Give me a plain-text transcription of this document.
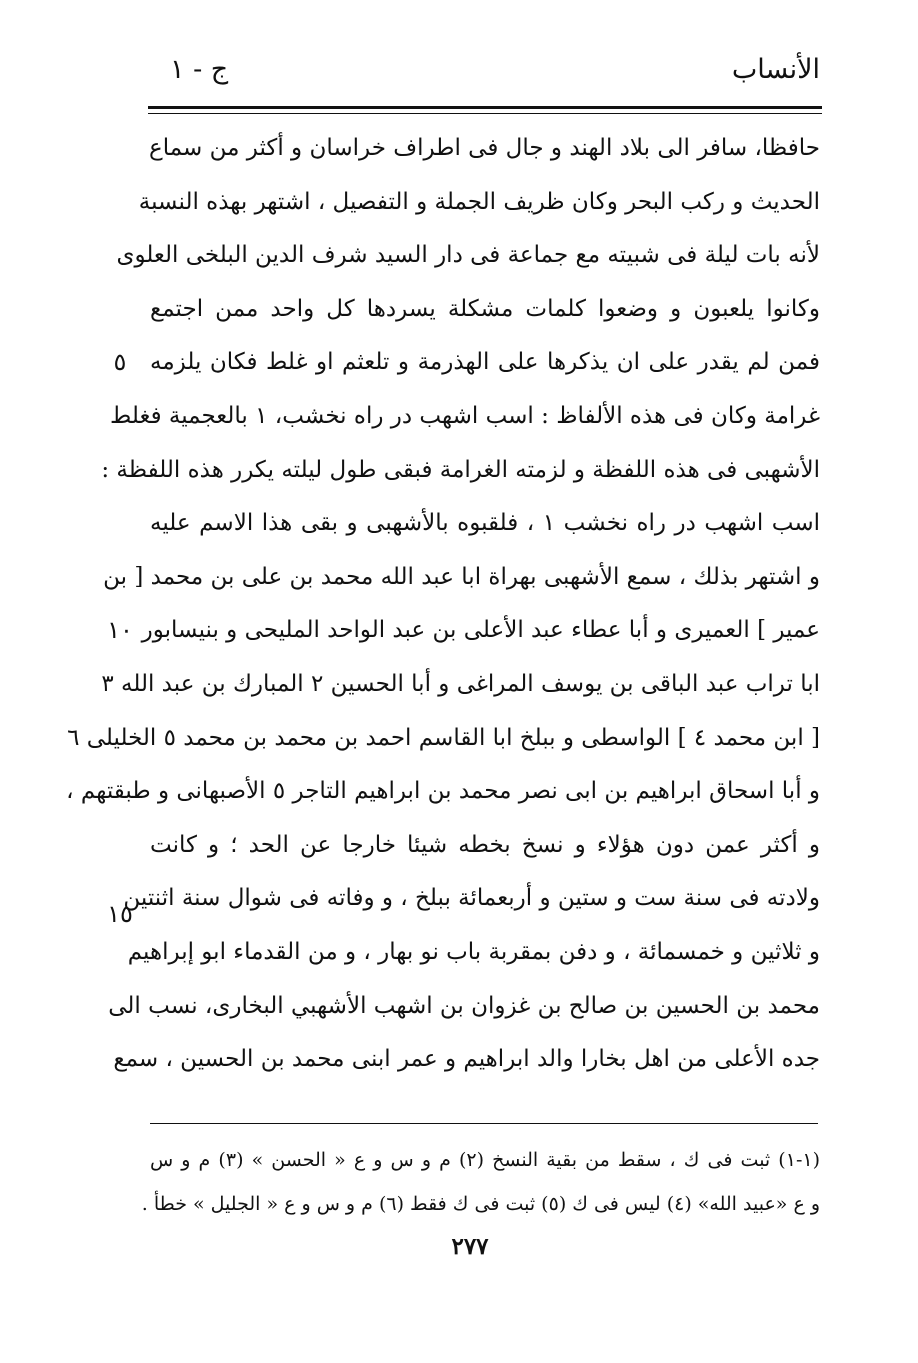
الأنساب
ج - ١
حافظا، سافر الى بلاد الهند و جال فى اطراف خراسان و أكثر من سماع
الحديث و ركب البحر وكان ظريف الجملة و التفصيل ، اشتهر بهذه النسبة
لأنه بات ليلة فى شبيته مع جماعة فى دار السيد شرف الدين البلخى العلوى
وكانوا يلعبون و وضعوا كلمات مشكلة يسردها كل واحد ممن اجتمع
فمن لم يقدر على ان يذكرها على الهذرمة و تلعثم او غلط فكان يلزمه
غرامة وكان فى هذه الألفاظ : اسب اشهب در راه نخشب، ١ بالعجمية فغلط
الأشهبى فى هذه اللفظة و لزمته الغرامة فبقى طول ليلته يكرر هذه اللفظة :
اسب اشهب در راه نخشب ١ ، فلقبوه بالأشهبى و بقى هذا الاسم عليه
و اشتهر بذلك ، سمع الأشهبى بهراة ابا عبد الله محمد بن على بن محمد [ بن
عمير ] العميرى و أبا عطاء عبد الأعلى بن عبد الواحد المليحى و بنيسابور
ابا تراب عبد الباقى بن يوسف المراغى و أبا الحسين ٢ المبارك بن عبد الله ٣
[ ابن محمد ٤ ] الواسطى و ببلخ ابا القاسم احمد بن محمد بن محمد ٥ الخليلى ٦
و أبا اسحاق ابراهيم بن ابى نصر محمد بن ابراهيم التاجر ٥ الأصبهانى و طبقتهم ،
و أكثر عمن دون هؤلاء و نسخ بخطه شيئا خارجا عن الحد ؛ و كانت
ولادته فى سنة ست و ستين و أربعمائة ببلخ ، و وفاته فى شوال سنة اثنتين
و ثلاثين و خمسمائة ، و دفن بمقربة باب نو بهار ، و من القدماء ابو إبراهيم
محمد بن الحسين بن صالح بن غزوان بن اشهب الأشهبي البخارى، نسب الى
جده الأعلى من اهل بخارا والد ابراهيم و عمر ابنى محمد بن الحسين ، سمع
٥
١٠
١٥
(١-١) ثبت فى ك ، سقط من بقية النسخ (٢) م و س و ع « الحسن » (٣) م و س
و ع «عبيد الله» (٤) ليس فى ك (٥) ثبت فى ك فقط (٦) م و س و ع « الجليل » خطأ .
٢٧٧
